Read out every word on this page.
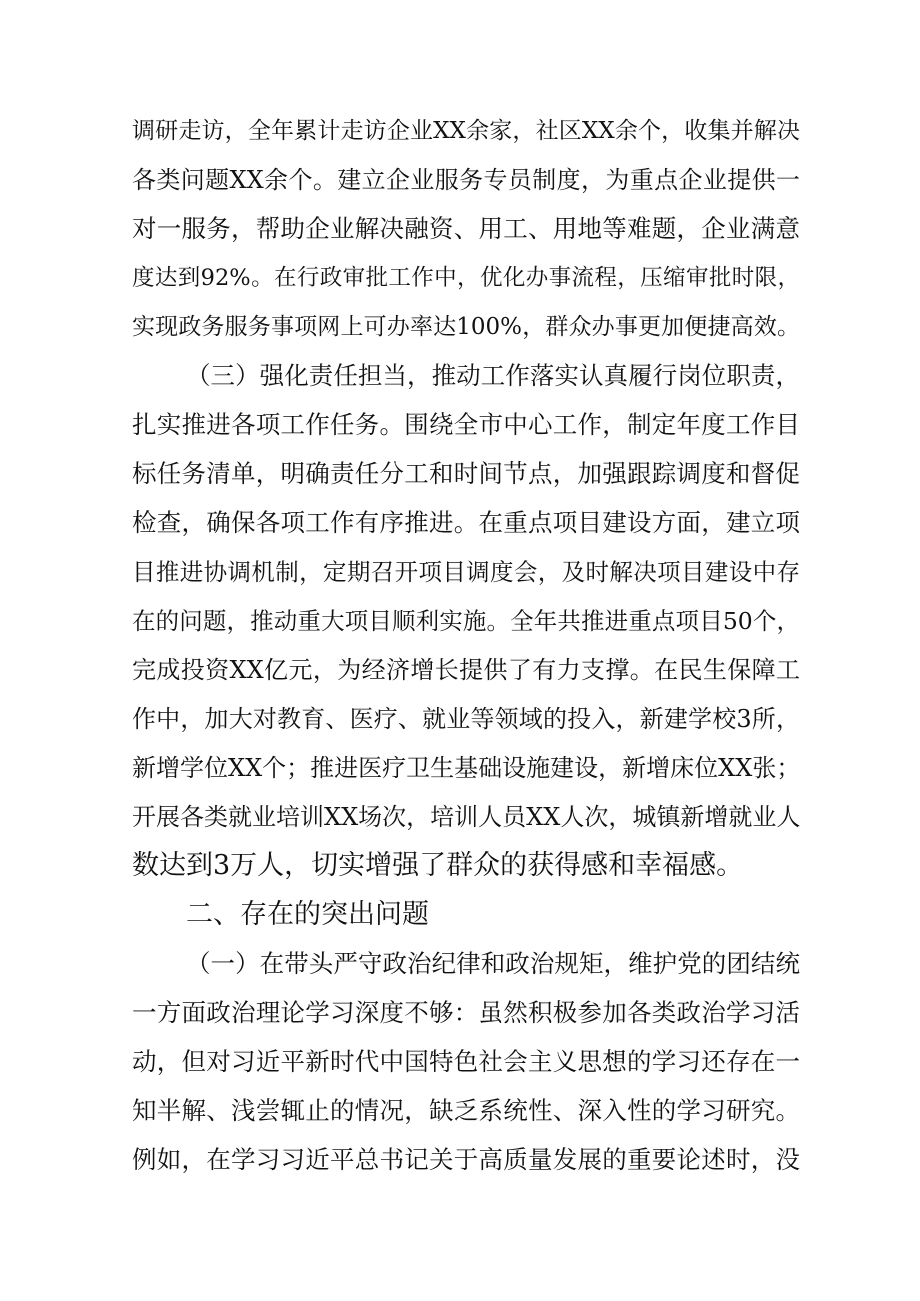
调研走访，全年累计走访企业XX余家，社区XX余个，收集并解决
各类问题XX余个。建立企业服务专员制度，为重点企业提供一
对一服务，帮助企业解决融资、用工、用地等难题，企业满意
度达到92%。在行政审批工作中，优化办事流程，压缩审批时限，
实现政务服务事项网上可办率达100%，群众办事更加便捷高效。
（三）强化责任担当，推动工作落实认真履行岗位职责，
扎实推进各项工作任务。围绕全市中心工作，制定年度工作目
标任务清单，明确责任分工和时间节点，加强跟踪调度和督促
检查，确保各项工作有序推进。在重点项目建设方面，建立项
目推进协调机制，定期召开项目调度会，及时解决项目建设中存
在的问题，推动重大项目顺利实施。全年共推进重点项目50个，
完成投资XX亿元，为经济增长提供了有力支撑。在民生保障工
作中，加大对教育、医疗、就业等领域的投入，新建学校3所，
新增学位XX个；推进医疗卫生基础设施建设，新增床位XX张；
开展各类就业培训XX场次，培训人员XX人次，城镇新增就业人
数达到3万人，切实增强了群众的获得感和幸福感。
二、存在的突出问题
（一）在带头严守政治纪律和政治规矩，维护党的团结统
一方面政治理论学习深度不够：虽然积极参加各类政治学习活
动，但对习近平新时代中国特色社会主义思想的学习还存在一
知半解、浅尝辄止的情况，缺乏系统性、深入性的学习研究。
例如，在学习习近平总书记关于高质量发展的重要论述时，没
